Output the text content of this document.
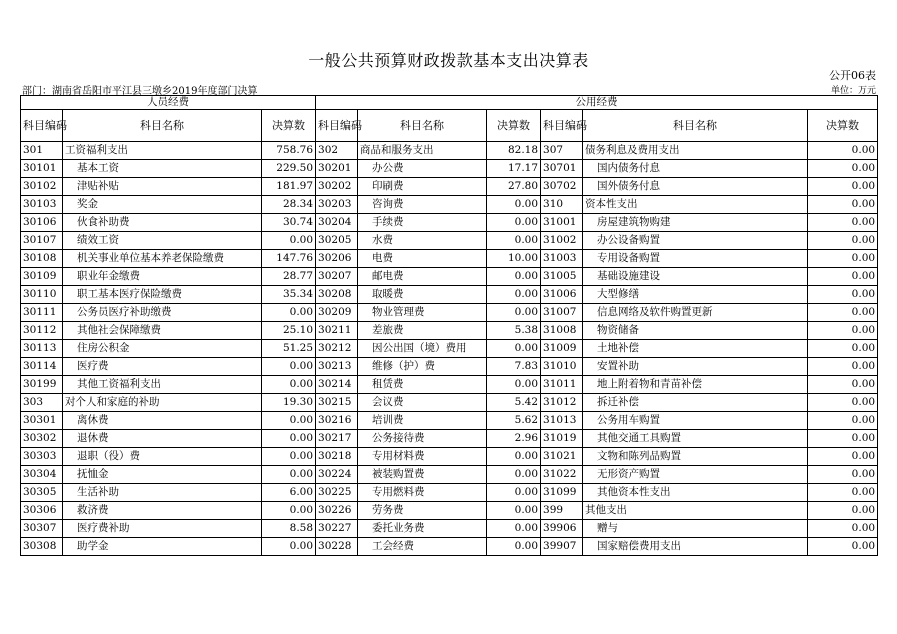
一般公共预算财政拨款基本支出决算表
公开06表
部门：湖南省岳阳市平江县三墩乡2019年度部门决算	单位：万元
人员经费			公用经费					
科目编码	科目名称	决算数	科目编码	科目名称	决算数	科目编码	科目名称	决算数
301	工资福利支出	758.76	302	商品和服务支出	82.18	307	债务利息及费用支出	0.00
30101	基本工资	229.50	30201	办公费	17.17	30701	国内债务付息	0.00
30102	津贴补贴	181.97	30202	印刷费	27.80	30702	国外债务付息	0.00
30103	奖金	28.34	30203	咨询费	0.00	310	资本性支出	0.00
30106	伙食补助费	30.74	30204	手续费	0.00	31001	房屋建筑物购建	0.00
30107	绩效工资	0.00	30205	水费	0.00	31002	办公设备购置	0.00
30108	机关事业单位基本养老保险缴费	147.76	30206	电费	10.00	31003	专用设备购置	0.00
30109	职业年金缴费	28.77	30207	邮电费	0.00	31005	基础设施建设	0.00
30110	职工基本医疗保险缴费	35.34	30208	取暖费	0.00	31006	大型修缮	0.00
30111	公务员医疗补助缴费	0.00	30209	物业管理费	0.00	31007	信息网络及软件购置更新	0.00
30112	其他社会保障缴费	25.10	30211	差旅费	5.38	31008	物资储备	0.00
30113	住房公积金	51.25	30212	因公出国（境）费用	0.00	31009	土地补偿	0.00
30114	医疗费	0.00	30213	维修（护）费	7.83	31010	安置补助	0.00
30199	其他工资福利支出	0.00	30214	租赁费	0.00	31011	地上附着物和青苗补偿	0.00
303	对个人和家庭的补助	19.30	30215	会议费	5.42	31012	拆迁补偿	0.00
30301	离休费	0.00	30216	培训费	5.62	31013	公务用车购置	0.00
30302	退休费	0.00	30217	公务接待费	2.96	31019	其他交通工具购置	0.00
30303	退职（役）费	0.00	30218	专用材料费	0.00	31021	文物和陈列品购置	0.00
30304	抚恤金	0.00	30224	被装购置费	0.00	31022	无形资产购置	0.00
30305	生活补助	6.00	30225	专用燃料费	0.00	31099	其他资本性支出	0.00
30306	救济费	0.00	30226	劳务费	0.00	399	其他支出	0.00
30307	医疗费补助	8.58	30227	委托业务费	0.00	39906	赠与	0.00
30308	助学金	0.00	30228	工会经费	0.00	39907	国家赔偿费用支出	0.00
